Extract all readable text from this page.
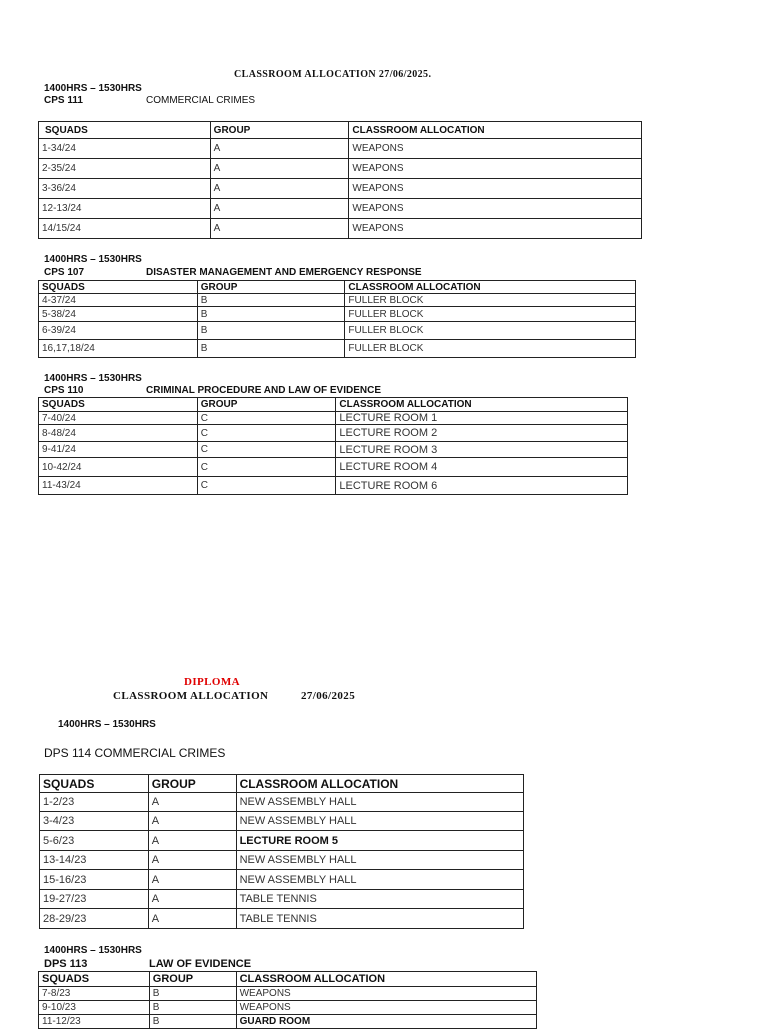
CLASSROOM ALLOCATION 27/06/2025.
1400HRS – 1530HRS
CPS 111	COMMERCIAL CRIMES
SQUADS	GROUP	CLASSROOM ALLOCATION
1-34/24	A	WEAPONS
2-35/24	A	WEAPONS
3-36/24	A	WEAPONS
12-13/24	A	WEAPONS
14/15/24	A	WEAPONS
1400HRS – 1530HRS
CPS 107	DISASTER MANAGEMENT AND EMERGENCY RESPONSE
SQUADS	GROUP	CLASSROOM ALLOCATION
4-37/24	B	FULLER BLOCK
5-38/24	B	FULLER BLOCK
6-39/24	B	FULLER BLOCK
16,17,18/24	B	FULLER BLOCK
1400HRS – 1530HRS
CPS 110	CRIMINAL PROCEDURE AND LAW OF EVIDENCE
SQUADS	GROUP	CLASSROOM ALLOCATION
7-40/24	C	LECTURE ROOM 1
8-48/24	C	LECTURE ROOM 2
9-41/24	C	LECTURE ROOM 3
10-42/24	C	LECTURE ROOM 4
11-43/24	C	LECTURE ROOM 6
DIPLOMA
CLASSROOM ALLOCATION	27/06/2025
1400HRS – 1530HRS
DPS 114 COMMERCIAL CRIMES
SQUADS	GROUP	CLASSROOM ALLOCATION
1-2/23	A	NEW ASSEMBLY HALL
3-4/23	A	NEW ASSEMBLY HALL
5-6/23	A	LECTURE ROOM 5
13-14/23	A	NEW ASSEMBLY HALL
15-16/23	A	NEW ASSEMBLY HALL
19-27/23	A	TABLE TENNIS
28-29/23	A	TABLE TENNIS
1400HRS – 1530HRS
DPS 113	LAW OF EVIDENCE
SQUADS	GROUP	CLASSROOM ALLOCATION
7-8/23	B	WEAPONS
9-10/23	B	WEAPONS
11-12/23	B	GUARD ROOM
